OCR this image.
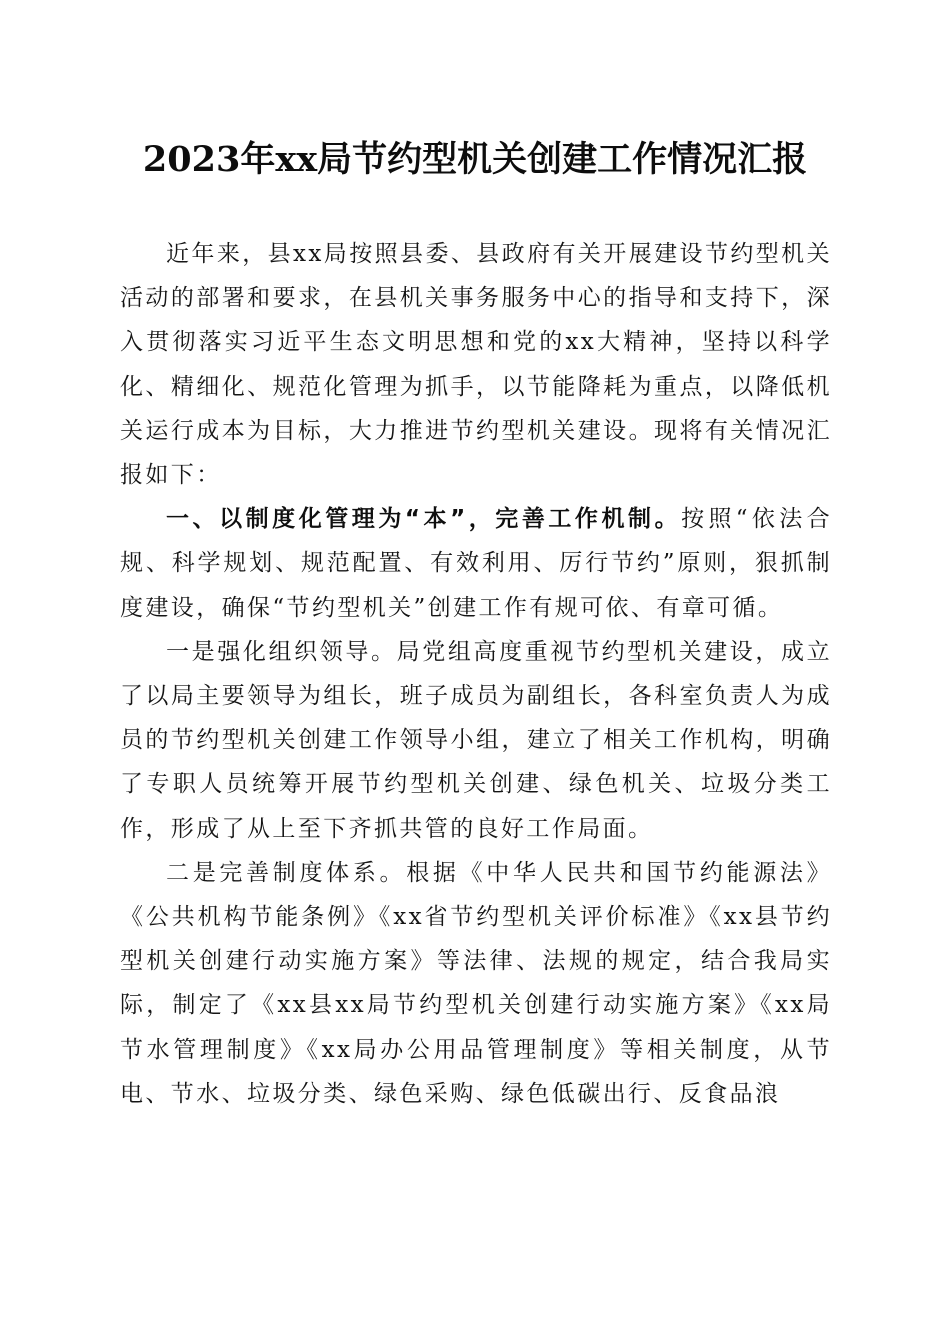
2023年xx局节约型机关创建工作情况汇报

近年来，县xx局按照县委、县政府有关开展建设节约型机关活动的部署和要求，在县机关事务服务中心的指导和支持下，深入贯彻落实习近平生态文明思想和党的xx大精神，坚持以科学化、精细化、规范化管理为抓手，以节能降耗为重点，以降低机关运行成本为目标，大力推进节约型机关建设。现将有关情况汇报如下：

一、以制度化管理为“本”，完善工作机制。按照“依法合规、科学规划、规范配置、有效利用、厉行节约”原则，狠抓制度建设，确保“节约型机关”创建工作有规可依、有章可循。

一是强化组织领导。局党组高度重视节约型机关建设，成立了以局主要领导为组长，班子成员为副组长，各科室负责人为成员的节约型机关创建工作领导小组，建立了相关工作机构，明确了专职人员统筹开展节约型机关创建、绿色机关、垃圾分类工作，形成了从上至下齐抓共管的良好工作局面。

二是完善制度体系。根据《中华人民共和国节约能源法》《公共机构节能条例》《xx省节约型机关评价标准》《xx县节约型机关创建行动实施方案》等法律、法规的规定，结合我局实际，制定了《xx县xx局节约型机关创建行动实施方案》《xx局节水管理制度》《xx局办公用品管理制度》等相关制度，从节电、节水、垃圾分类、绿色采购、绿色低碳出行、反食品浪
